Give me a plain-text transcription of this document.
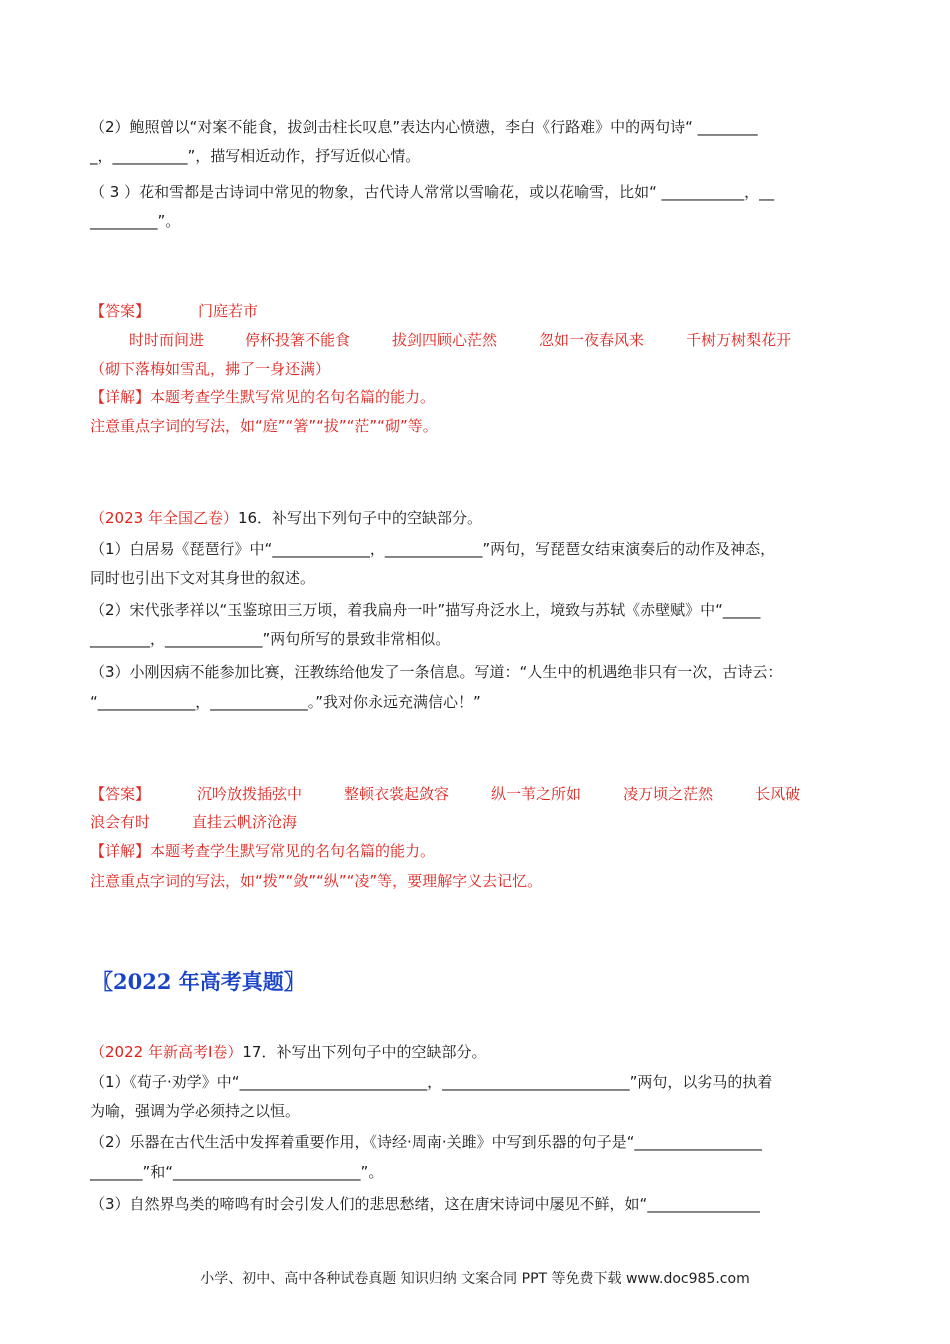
（2）鲍照曾以“对案不能食，拔剑击柱长叹息”表达内心愤懑，李白《行路难》中的两句诗“ ________
_，__________”，描写相近动作，抒写近似心情。
（ 3 ）花和雪都是古诗词中常见的物象，古代诗人常常以雪喻花，或以花喻雪，比如“ ___________，__
_________”。
【答案】	门庭若市
时时而间进	停杯投箸不能食	拔剑四顾心茫然	忽如一夜春风来	千树万树梨花开
（砌下落梅如雪乱，拂了一身还满）
【详解】本题考查学生默写常见的名句名篇的能力。
注意重点字词的写法，如“庭”“箸”“拔”“茫”“砌”等。
（2023 年全国乙卷）16．补写出下列句子中的空缺部分。
（1）白居易《琵琶行》中“_____________，_____________”两句，写琵琶女结束演奏后的动作及神态，
同时也引出下文对其身世的叙述。
（2）宋代张孝祥以“玉鉴琼田三万顷，着我扁舟一叶”描写舟泛水上，境致与苏轼《赤壁赋》中“_____
________，_____________”两句所写的景致非常相似。
（3）小刚因病不能参加比赛，汪教练给他发了一条信息。写道：“人生中的机遇绝非只有一次，古诗云：
“_____________，_____________。”我对你永远充满信心！”
【答案】	沉吟放拨插弦中	整顿衣裳起敛容	纵一苇之所如	凌万顷之茫然	长风破
浪会有时	直挂云帆济沧海
【详解】本题考查学生默写常见的名句名篇的能力。
注意重点字词的写法，如“拨”“敛”“纵”“凌”等，要理解字义去记忆。
〖2022 年高考真题〗
（2022 年新高考Ⅰ卷）17．补写出下列句子中的空缺部分。
（1）《荀子·劝学》中“_________________________，_________________________”两句，以劣马的执着
为喻，强调为学必须持之以恒。
（2）乐器在古代生活中发挥着重要作用，《诗经·周南·关雎》中写到乐器的句子是“_________________
_______”和“_________________________”。
（3）自然界鸟类的啼鸣有时会引发人们的悲思愁绪，这在唐宋诗词中屡见不鲜，如“_______________
小学、初中、高中各种试卷真题 知识归纳 文案合同 PPT 等免费下载 www.doc985.com
